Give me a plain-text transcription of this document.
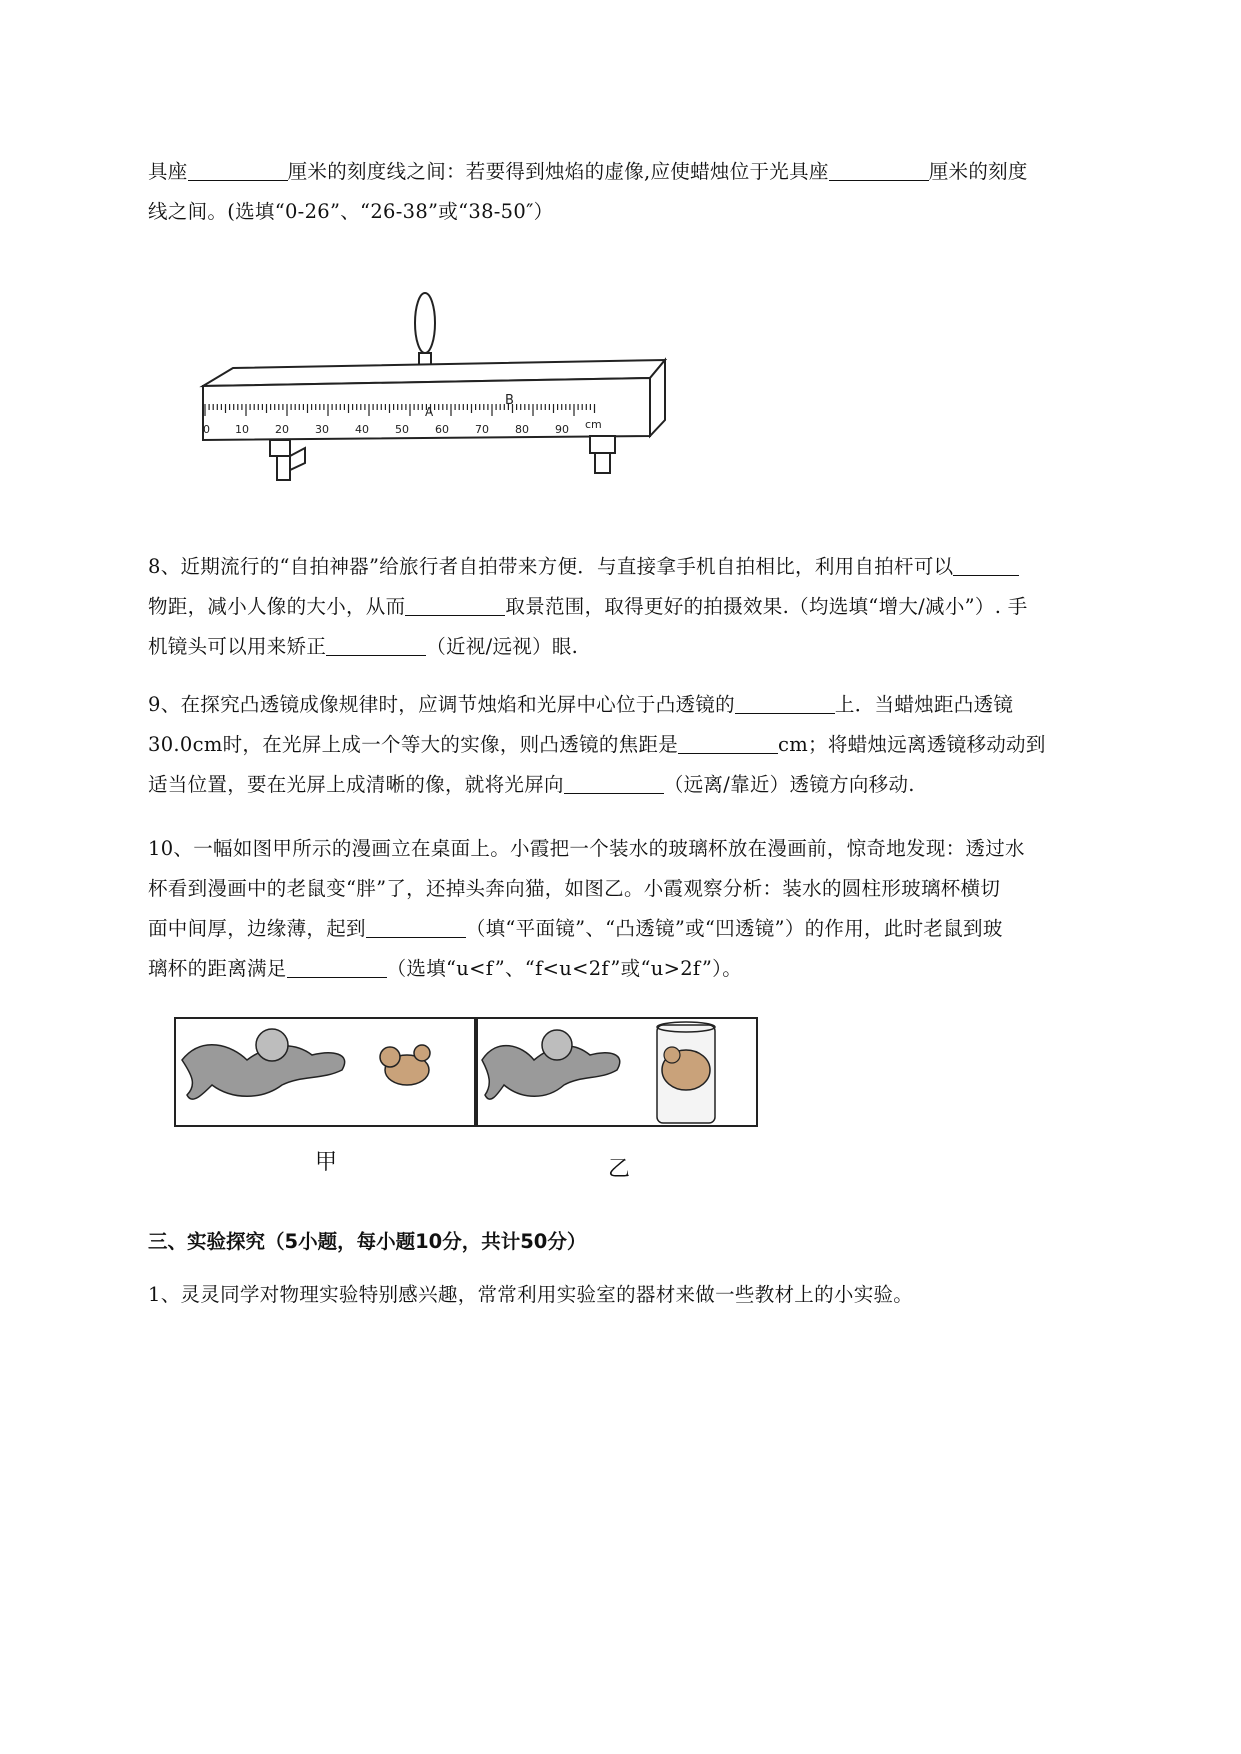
具座	厘米的刻度线之间：若要得到烛焰的虚像,应使蜡烛位于光具座	厘米的刻度
线之间。(选填“0-26”、“26-38”或“38-50″）
0 10 20 30 40 50 60 70 80 90 cm
A
B
8、近期流行的“自拍神器”给旅行者自拍带来方便．与直接拿手机自拍相比，利用自拍杆可以
物距，减小人像的大小，从而	取景范围，取得更好的拍摄效果.（均选填“增大/减小”）. 手
机镜头可以用来矫正	（近视/远视）眼.
9、在探究凸透镜成像规律时，应调节烛焰和光屏中心位于凸透镜的	上．当蜡烛距凸透镜
30.0cm时，在光屏上成一个等大的实像，则凸透镜的焦距是	cm；将蜡烛远离透镜移动动到
适当位置，要在光屏上成清晰的像，就将光屏向	（远离/靠近）透镜方向移动.
10、一幅如图甲所示的漫画立在桌面上。小霞把一个装水的玻璃杯放在漫画前，惊奇地发现：透过水
杯看到漫画中的老鼠变“胖”了，还掉头奔向猫，如图乙。小霞观察分析：装水的圆柱形玻璃杯横切
面中间厚，边缘薄，起到	（填“平面镜”、“凸透镜”或“凹透镜”）的作用，此时老鼠到玻
璃杯的距离满足	（选填“u<f”、“f<u<2f”或“u>2f”）。
甲	乙
三、实验探究（5小题，每小题10分，共计50分）
1、灵灵同学对物理实验特别感兴趣，常常利用实验室的器材来做一些教材上的小实验。
